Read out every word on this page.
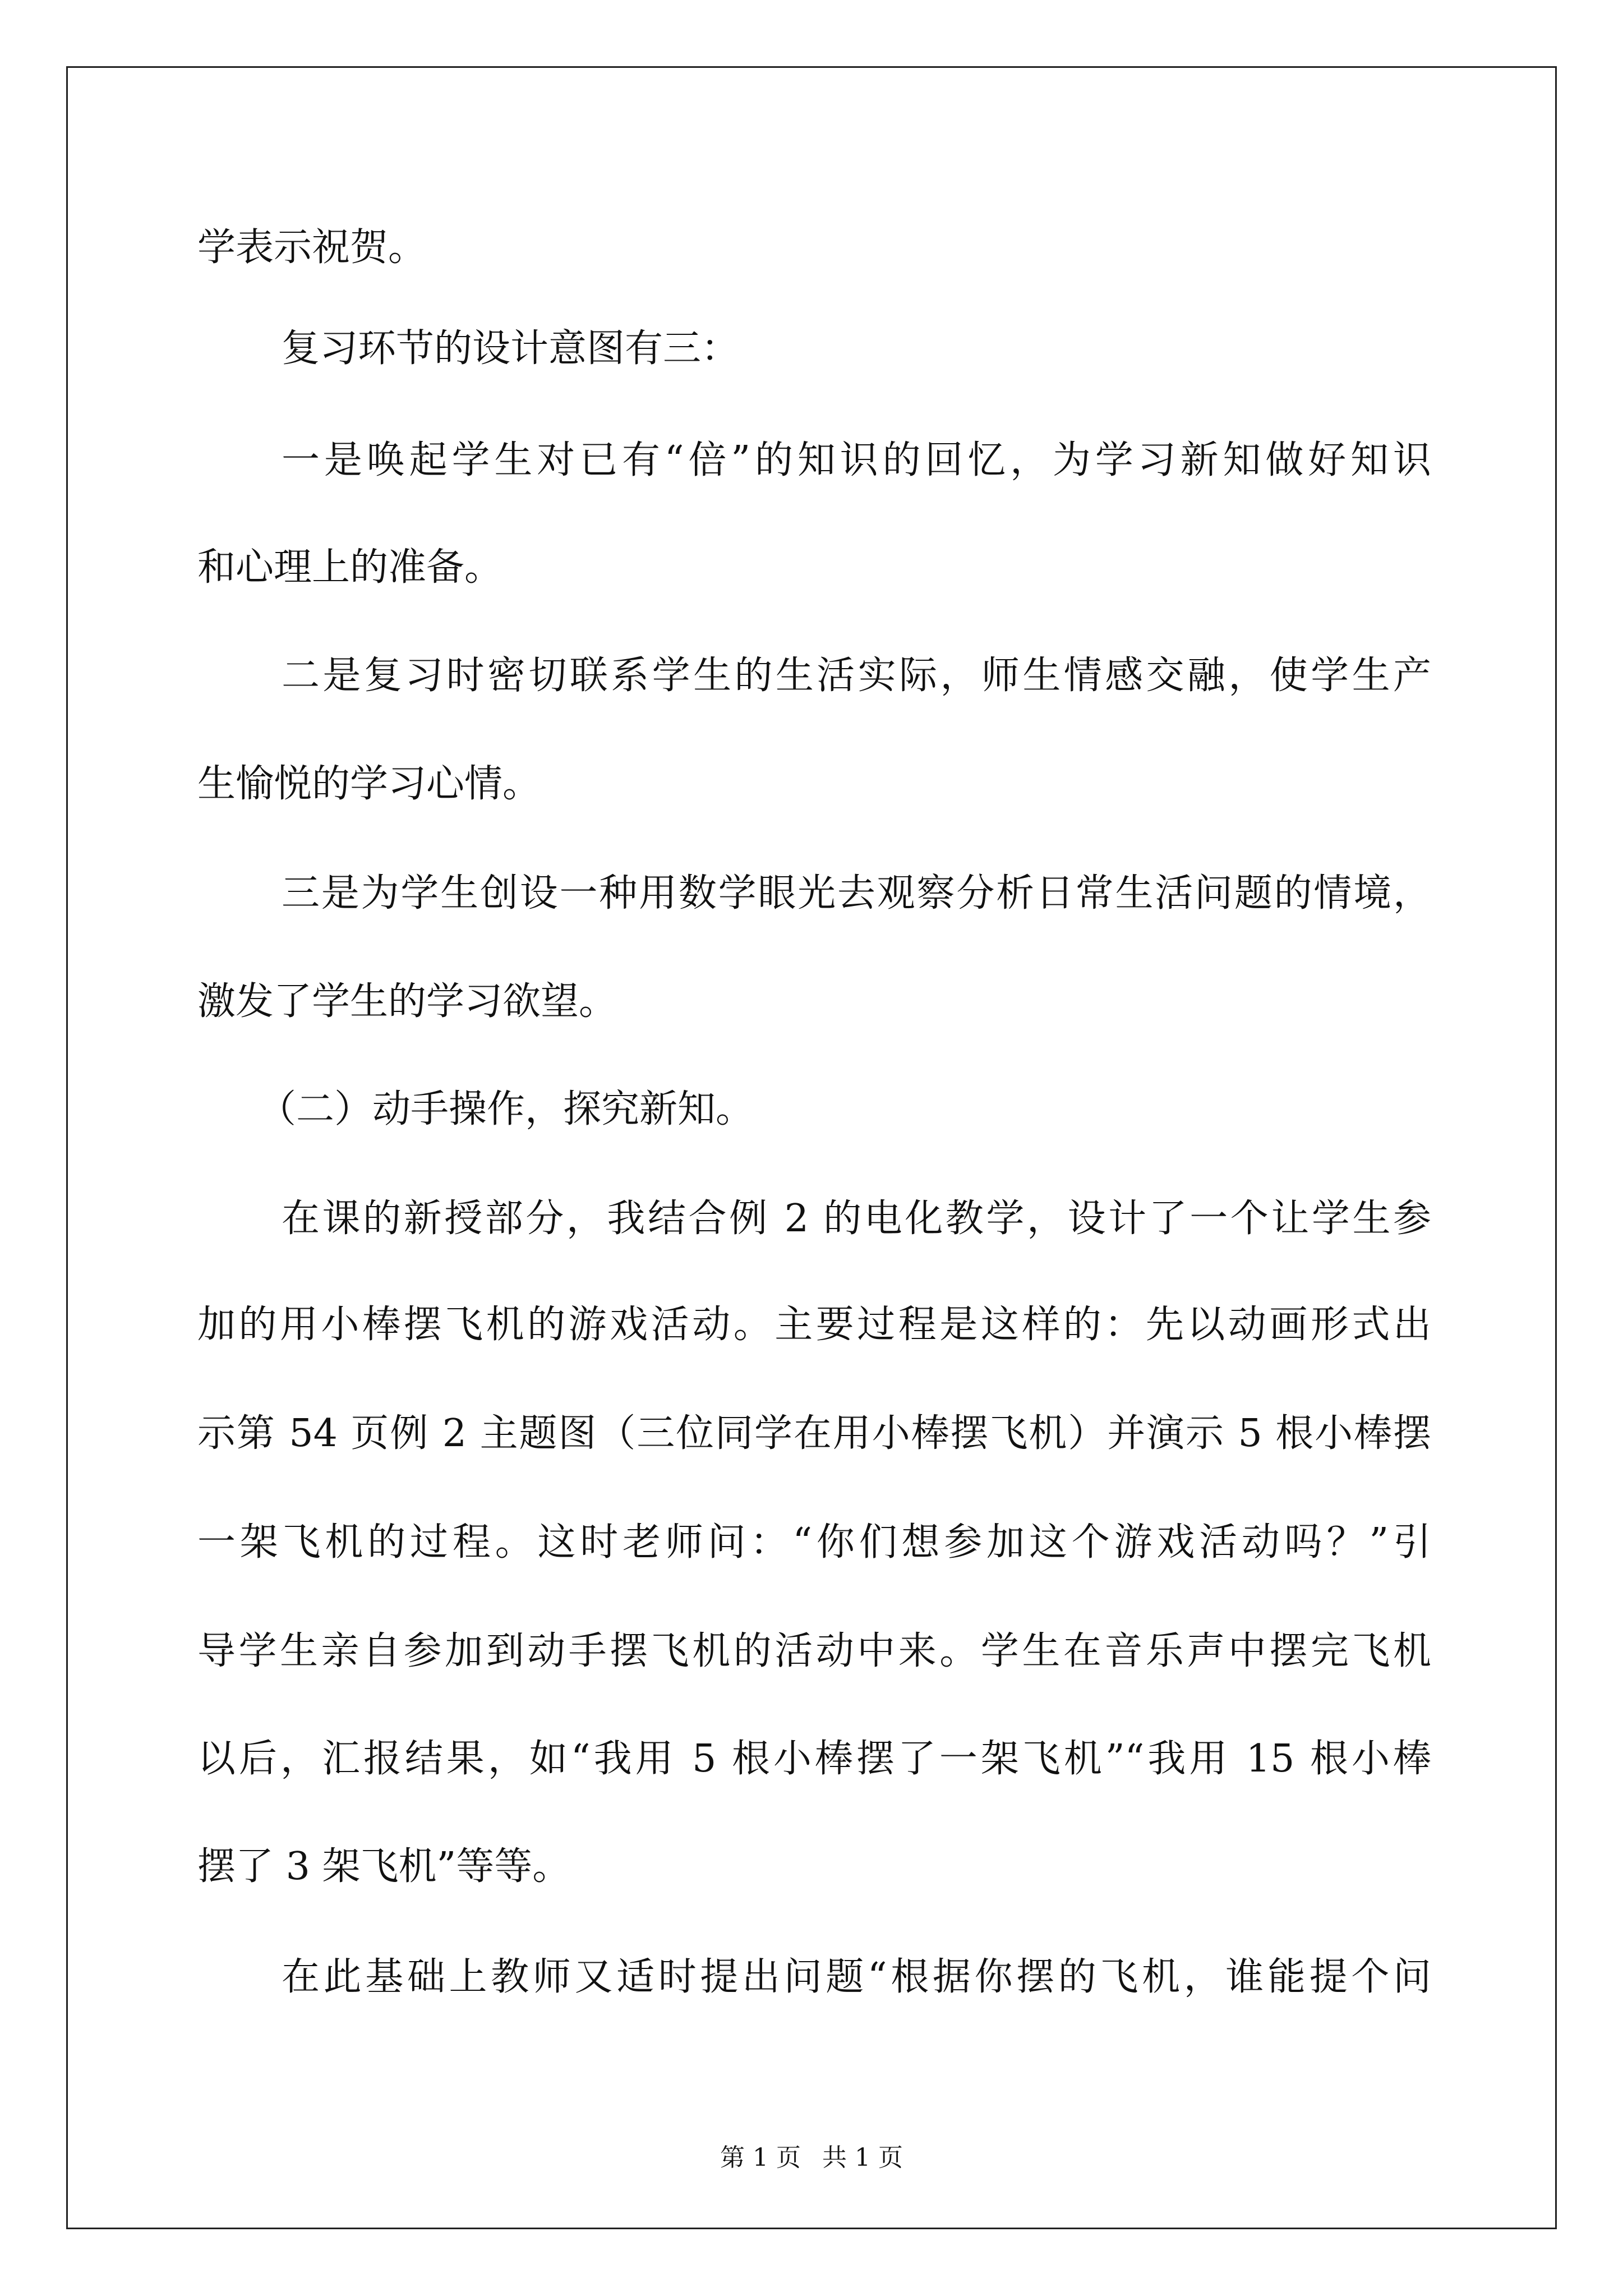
学表示祝贺。
复习环节的设计意图有三：
一是唤起学生对已有“倍”的知识的回忆，为学习新知做好知识
和心理上的准备。
二是复习时密切联系学生的生活实际，师生情感交融，使学生产
生愉悦的学习心情。
三是为学生创设一种用数学眼光去观察分析日常生活问题的情境，
激发了学生的学习欲望。
（二）动手操作，探究新知。
在课的新授部分，我结合例 2 的电化教学，设计了一个让学生参
加的用小棒摆飞机的游戏活动。主要过程是这样的：先以动画形式出
示第 54 页例 2 主题图（三位同学在用小棒摆飞机）并演示 5 根小棒摆
一架飞机的过程。这时老师问：“你们想参加这个游戏活动吗？”引
导学生亲自参加到动手摆飞机的活动中来。学生在音乐声中摆完飞机
以后，汇报结果，如“我用 5 根小棒摆了一架飞机”“我用 15 根小棒
摆了 3 架飞机”等等。
在此基础上教师又适时提出问题“根据你摆的飞机，谁能提个问
第 1 页 共 1 页
